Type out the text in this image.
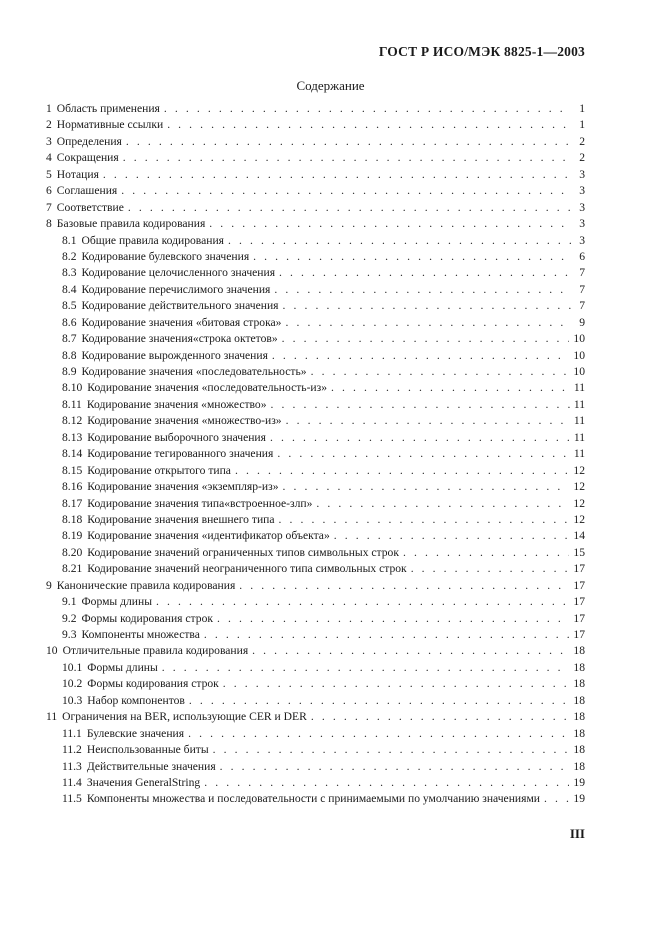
ГОСТ Р ИСО/МЭК 8825-1—2003
Содержание
1 Область применения . . .	1
2 Нормативные ссылки . . .	1
3 Определения . . .	2
4 Сокращения . . .	2
5 Нотация . . .	3
6 Соглашения . . .	3
7 Соответствие . . .	3
8 Базовые правила кодирования . . .	3
8.1 Общие правила кодирования . . .	3
8.2 Кодирование булевского значения . . .	6
8.3 Кодирование целочисленного значения . . .	7
8.4 Кодирование перечислимого значения . . .	7
8.5 Кодирование действительного значения . . .	7
8.6 Кодирование значения «битовая строка» . . .	9
8.7 Кодирование значения«строка октетов» . . .	10
8.8 Кодирование вырожденного значения . . .	10
8.9 Кодирование значения «последовательность» . . .	10
8.10 Кодирование значения «последовательность-из» . . .	11
8.11 Кодирование значения «множество» . . .	11
8.12 Кодирование значения «множество-из» . . .	11
8.13 Кодирование выборочного значения . . .	11
8.14 Кодирование тегированного значения . . .	11
8.15 Кодирование открытого типа . . .	12
8.16 Кодирование значения «экземпляр-из» . . .	12
8.17 Кодирование значения типа«встроенное-злп» . . .	12
8.18 Кодирование значения внешнего типа . . .	12
8.19 Кодирование значения «идентификатор объекта» . . .	14
8.20 Кодирование значений ограниченных типов символьных строк . . .	15
8.21 Кодирование значений неограниченного типа символьных строк . . .	17
9 Канонические правила кодирования . . .	17
9.1 Формы длины . . .	17
9.2 Формы кодирования строк . . .	17
9.3 Компоненты множества . . .	17
10 Отличительные правила кодирования . . .	18
10.1 Формы длины . . .	18
10.2 Формы кодирования строк . . .	18
10.3 Набор компонентов . . .	18
11 Ограничения на BER, использующие CER и DER . . .	18
11.1 Булевские значения . . .	18
11.2 Неиспользованные биты . . .	18
11.3 Действительные значения . . .	18
11.4 Значения GeneralString . . .	19
11.5 Компоненты множества и последовательности с принимаемыми по умолчанию значениями . . .	19
III
